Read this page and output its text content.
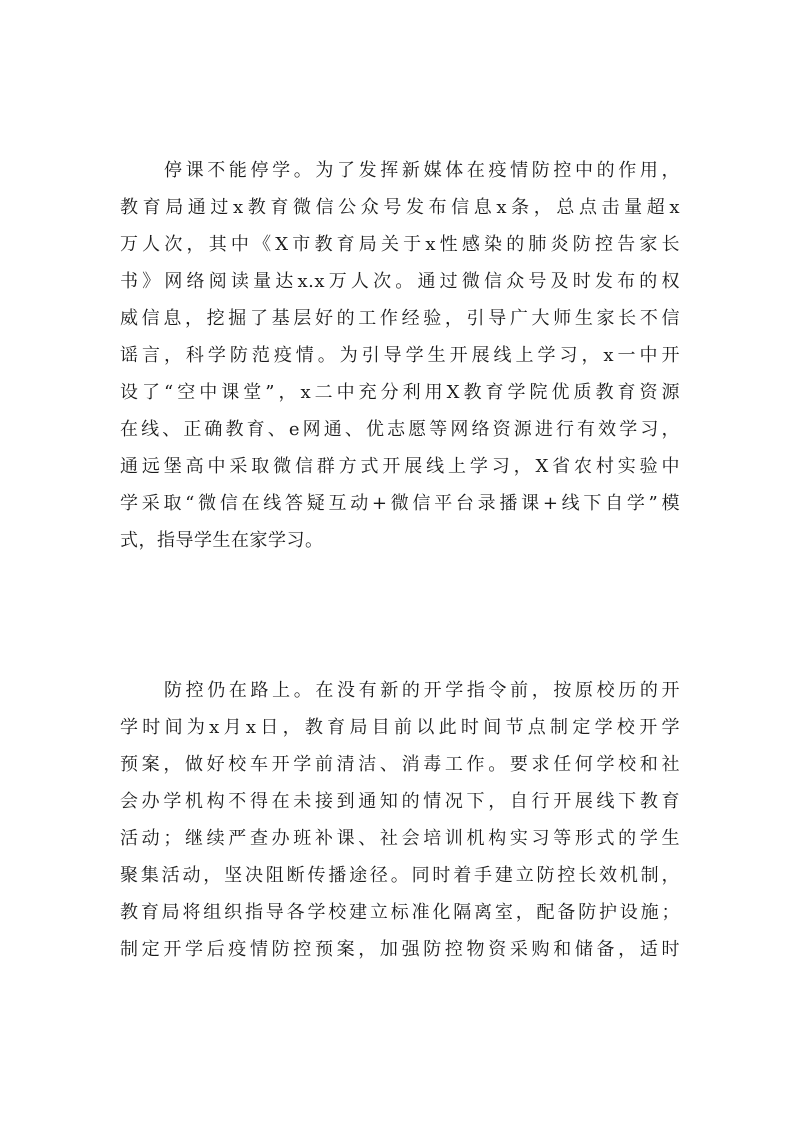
停课不能停学。为了发挥新媒体在疫情防控中的作用，
教育局通过x教育微信公众号发布信息x条，总点击量超x
万人次，其中《X市教育局关于x性感染的肺炎防控告家长
书》网络阅读量达x.x万人次。通过微信众号及时发布的权
威信息，挖掘了基层好的工作经验，引导广大师生家长不信
谣言，科学防范疫情。为引导学生开展线上学习，x一中开
设了“空中课堂”，x二中充分利用X教育学院优质教育资源
在线、正确教育、e网通、优志愿等网络资源进行有效学习，
通远堡高中采取微信群方式开展线上学习，X省农村实验中
学采取“微信在线答疑互动+微信平台录播课+线下自学”模
式，指导学生在家学习。
防控仍在路上。在没有新的开学指令前，按原校历的开
学时间为x月x日，教育局目前以此时间节点制定学校开学
预案，做好校车开学前清洁、消毒工作。要求任何学校和社
会办学机构不得在未接到通知的情况下，自行开展线下教育
活动；继续严查办班补课、社会培训机构实习等形式的学生
聚集活动，坚决阻断传播途径。同时着手建立防控长效机制，
教育局将组织指导各学校建立标准化隔离室，配备防护设施；
制定开学后疫情防控预案，加强防控物资采购和储备，适时
